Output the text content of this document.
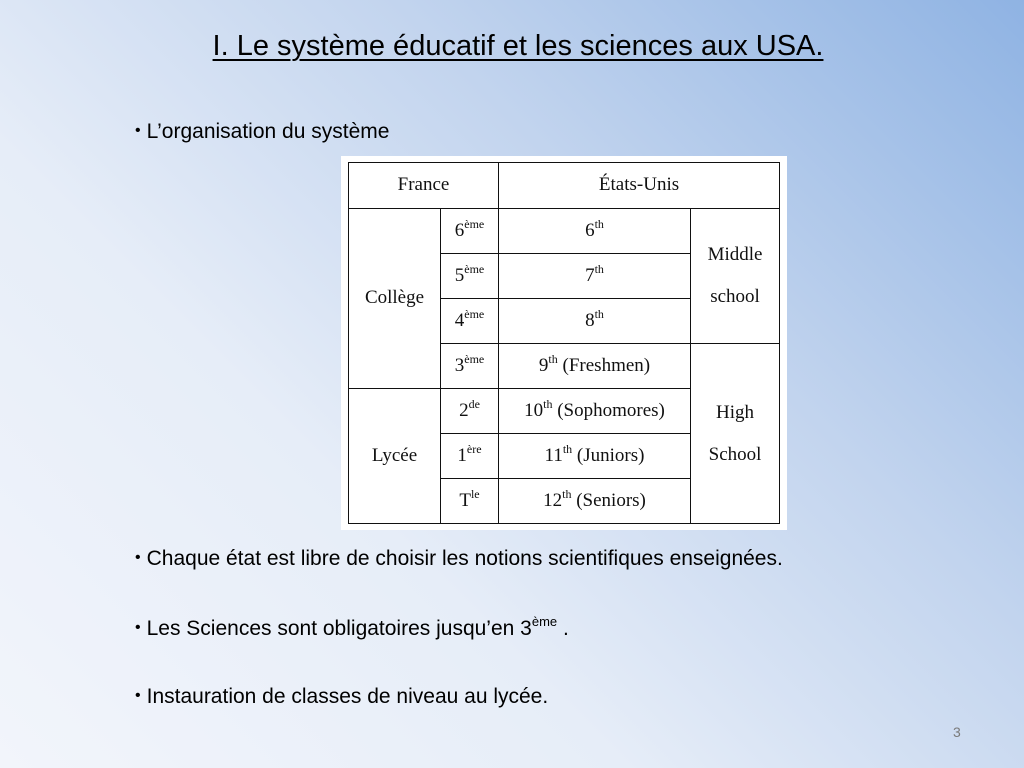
I. Le système éducatif et les sciences aux USA.
• L’organisation du système
France		États-Unis	
Collège	6ème	6th	Middle
school
	5ème	7th
	4ème	8th
	3ème	9th (Freshmen)	High
School
Lycée	2de	10th (Sophomores)	
	1ère	11th (Juniors)	
	$T^{le}$	12th (Seniors)	
• Chaque état est libre de choisir les notions scientifiques enseignées.
• Les Sciences sont obligatoires jusqu’en 3ème .
• Instauration de classes de niveau au lycée.
3
